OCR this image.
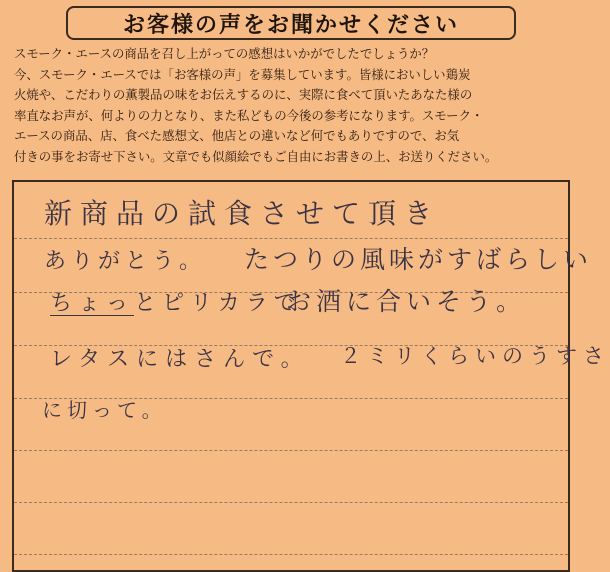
お客様の声をお聞かせください
スモーク・エースの商品を召し上がっての感想はいかがでしたでしょうか？
今、スモーク・エースでは「お客様の声」を募集しています。皆様においしい鶏炭
火焼や、こだわりの薫製品の味をお伝えするのに、実際に食べて頂いたあなた様の
率直なお声が、何よりの力となり、また私どもの今後の参考になります。スモーク・
エースの商品、店、食べた感想文、他店との違いなど何でもありですので、お気
付きの事をお寄せ下さい。文章でも似顔絵でもご自由にお書きの上、お送りください。
新商品の試食させて頂き
ありがとう。 たつりの風味がすばらしい
ちょっとピリカラで
お酒に合いそう。
レタスにはさんで。 ２ミリくらいのうすさ
に切って。
